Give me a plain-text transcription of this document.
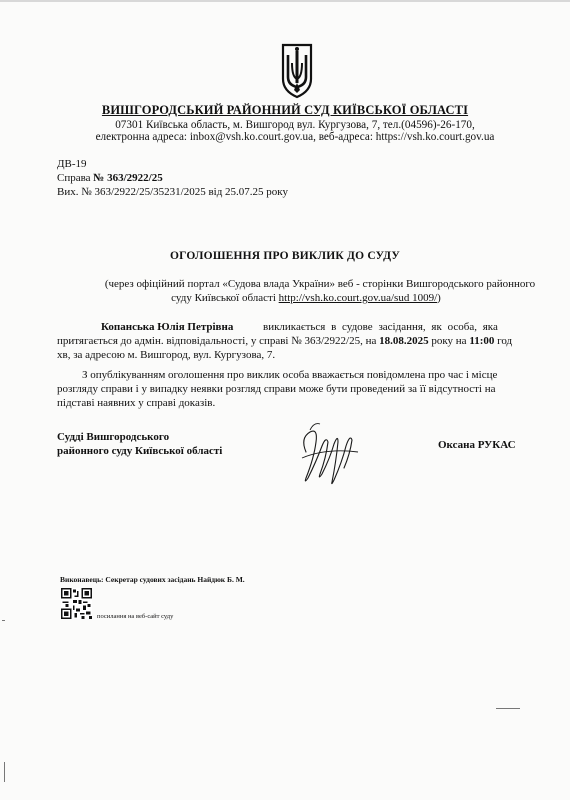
ВИШГОРОДСЬКИЙ РАЙОННИЙ СУД КИЇВСЬКОЇ ОБЛАСТІ
07301 Київська область, м. Вишгород вул. Кургузова, 7, тел.(04596)-26-170,
електронна адреса: inbox@vsh.ko.court.gov.ua, веб-адреса: https://vsh.ko.court.gov.ua
ДВ-19
Справа № 363/2922/25
Вих. № 363/2922/25/35231/2025 від 25.07.25 року
ОГОЛОШЕННЯ ПРО ВИКЛИК ДО СУДУ
(через офіційний портал «Судова влада України» веб - сторінки Вишгородського районного
суду Київської області http://vsh.ko.court.gov.ua/sud 1009/)
Копанська Юлія Петрівна	викликається в судове засідання, як особа, яка
притягається до адмін. відповідальності, у справі № 363/2922/25, на 18.08.2025 року на 11:00 год
хв, за адресою м. Вишгород, вул. Кургузова, 7.
З опублікуванням оголошення про виклик особа вважається повідомлена про час і місце
розгляду справи і у випадку неявки розгляд справи може бути проведений за її відсутності на
підставі наявних у справі доказів.
Судді Вишгородського
районного суду Київської області	Оксана РУКАС
Виконавець: Секретар судових засідань Найдюк Б. М.
посилання на веб-сайт суду
